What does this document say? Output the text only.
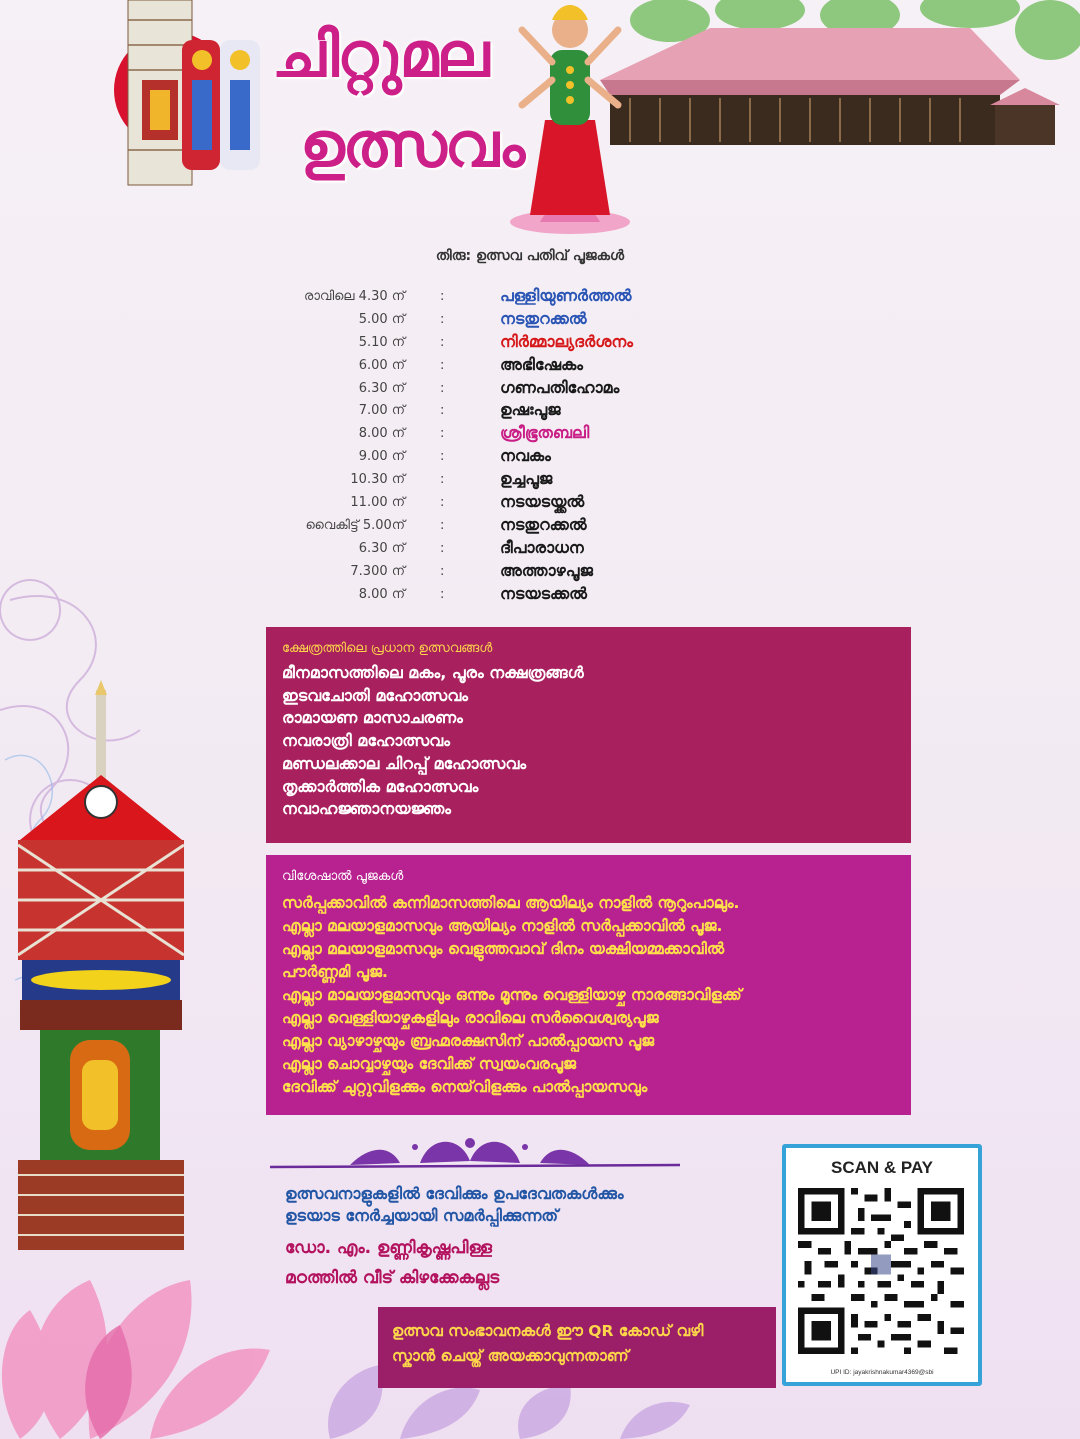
ചിറ്റുമല
ഉത്സവം
തിരു: ഉത്സവ പതിവ് പൂജകൾ
രാവിലെ 4.30 ന്	:	പള്ളിയുണർത്തൽ
5.00 ന്	:	നടതുറക്കൽ
5.10 ന്	:	നിർമ്മാല്യദർശനം
6.00 ന്	:	അഭിഷേകം
6.30 ന്	:	ഗണപതിഹോമം
7.00 ന്	:	ഉഷഃപൂജ
8.00 ന്	:	ശ്രീഭൂതബലി
9.00 ന്	:	നവകം
10.30 ന്	:	ഉച്ചപൂജ
11.00 ന്	:	നടയടയ്ക്കൽ
വൈകിട്ട് 5.00ന്	:	നടതുറക്കൽ
6.30 ന്	:	ദീപാരാധന
7.300 ന്	:	അത്താഴപൂജ
8.00 ന്	:	നടയടക്കൽ
ക്ഷേത്രത്തിലെ പ്രധാന ഉത്സവങ്ങൾ
മീനമാസത്തിലെ മകം, പൂരം നക്ഷത്രങ്ങൾ
ഇടവചോതി മഹോത്സവം
രാമായണ മാസാചരണം
നവരാത്രി മഹോത്സവം
മണ്ഡലക്കാല ചിറപ്പ് മഹോത്സവം
തൃക്കാർത്തിക മഹോത്സവം
നവാഹജ്ഞാനയജ്ഞം
വിശേഷാൽ പൂജകൾ
സർപ്പക്കാവിൽ കന്നിമാസത്തിലെ ആയില്യം നാളിൽ നൂറുംപാലും.
എല്ലാ മലയാളമാസവും ആയില്യം നാളിൽ സർപ്പക്കാവിൽ പൂജ.
എല്ലാ മലയാളമാസവും വെളുത്തവാവ് ദിനം യക്ഷിയമ്മക്കാവിൽ
പൗർണ്ണമി പൂജ.
എല്ലാ മാലയാളമാസവും ഒന്നും മൂന്നും വെള്ളിയാഴ്ച നാരങ്ങാവിളക്ക്
എല്ലാ വെള്ളിയാഴ്ചകളിലും രാവിലെ സർവൈശ്വര്യപൂജ
എല്ലാ വ്യാഴാഴ്ചയും ബ്രഹ്മരക്ഷസിന് പാൽപ്പായസ പൂജ
എല്ലാ ചൊവ്വാഴ്ചയും ദേവിക്ക് സ്വയംവരപൂജ
ദേവിക്ക് ചുറ്റുവിളക്കും നെയ്‌വിളക്കും പാൽപ്പായസവും
ഉത്സവനാളുകളിൽ ദേവിക്കും ഉപദേവതകൾക്കും
ഉടയാട നേർച്ചയായി സമർപ്പിക്കുന്നത്
ഡോ. എം. ഉണ്ണികൃഷ്ണപിള്ള
മഠത്തിൽ വീട് കിഴക്കേകല്ലട
ഉത്സവ സംഭാവനകൾ ഈ QR കോഡ് വഴി
സ്കാൻ ചെയ്ത് അയക്കാവുന്നതാണ്
SCAN & PAY
UPI ID: jayakrishnakumar4369@sbi
